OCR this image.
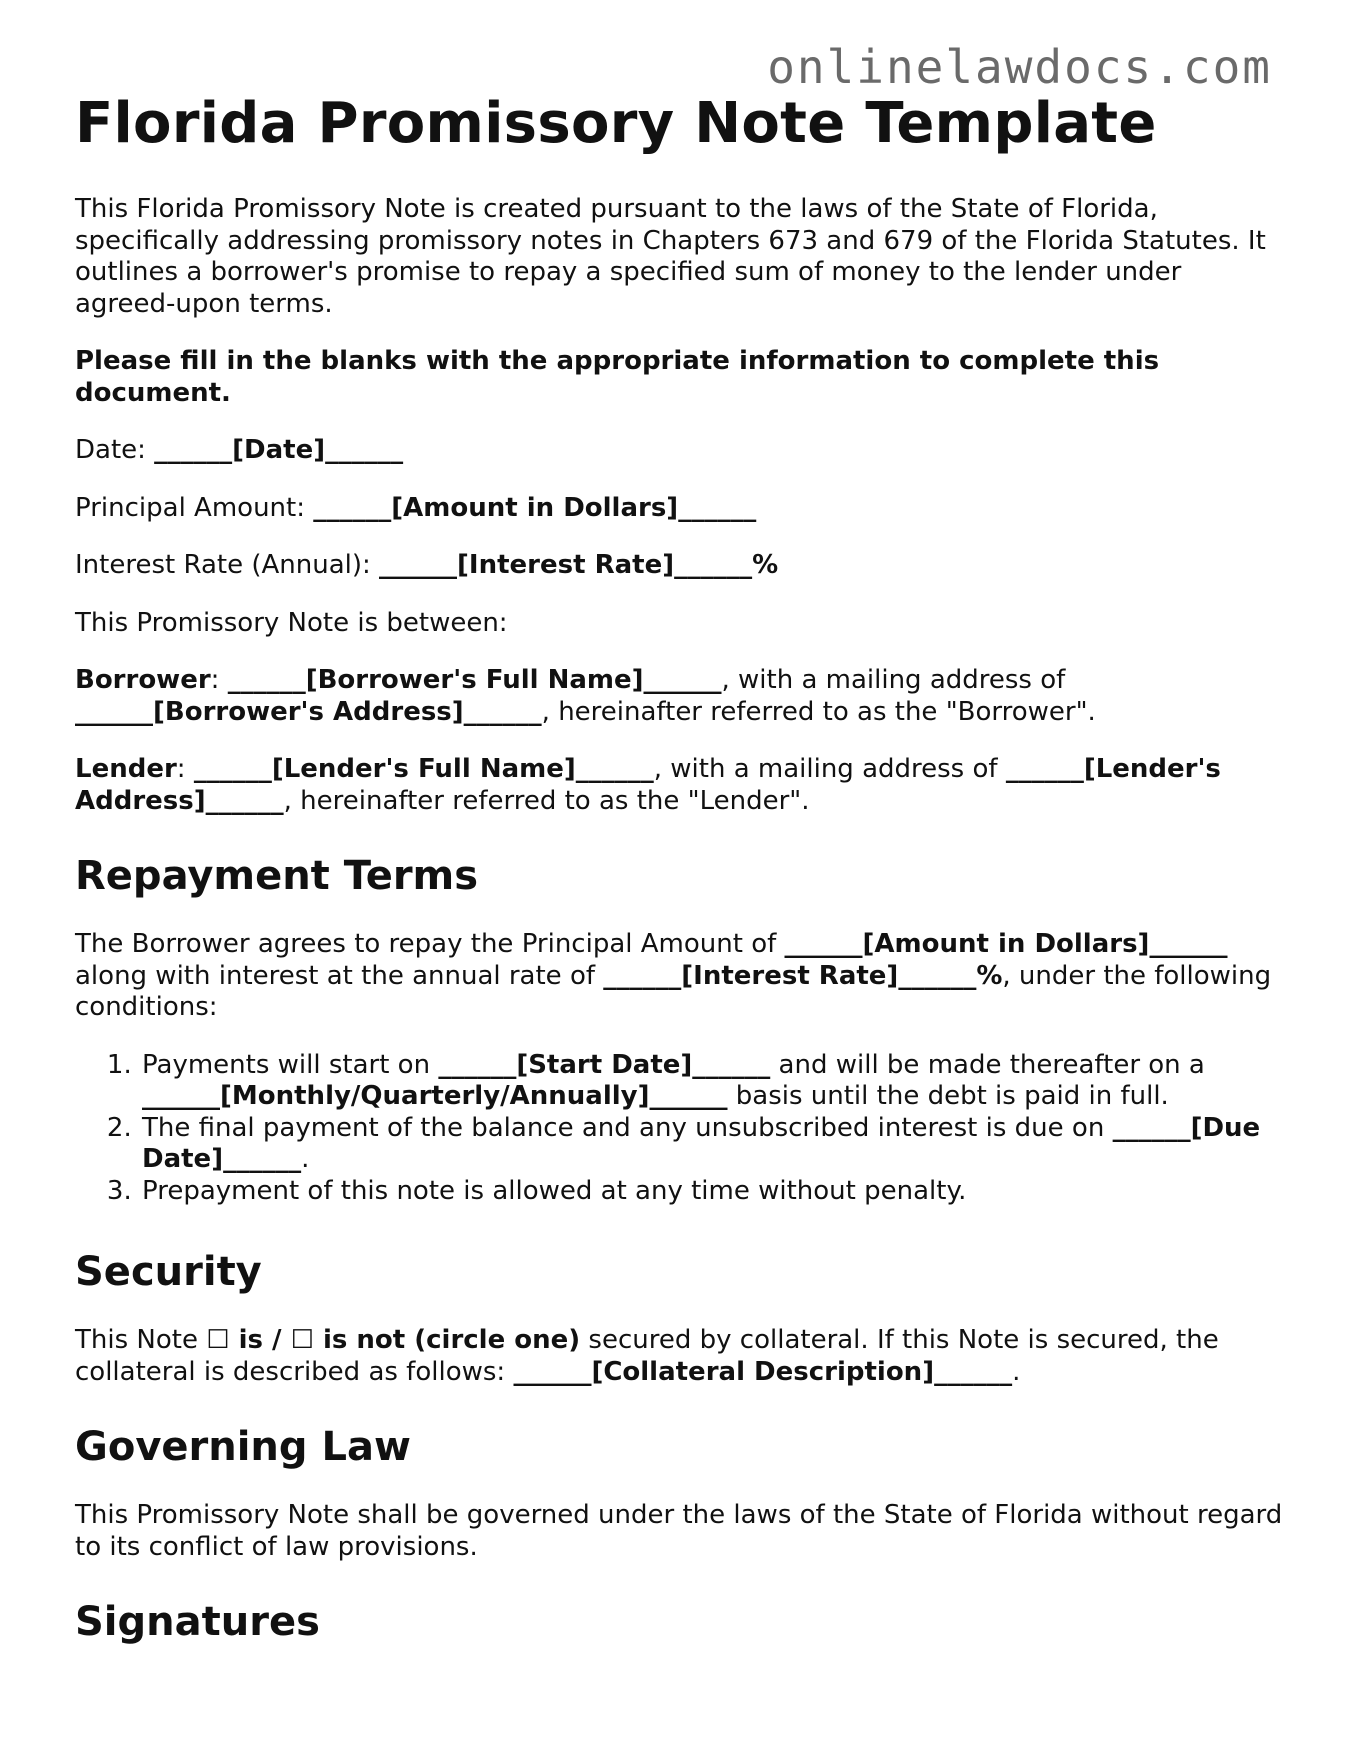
onlinelawdocs.com
Florida Promissory Note Template

This Florida Promissory Note is created pursuant to the laws of the State of Florida, specifically addressing promissory notes in Chapters 673 and 679 of the Florida Statutes. It outlines a borrower's promise to repay a specified sum of money to the lender under agreed-upon terms.

Please fill in the blanks with the appropriate information to complete this document.

Date: ______[Date]______

Principal Amount: ______[Amount in Dollars]______

Interest Rate (Annual): ______[Interest Rate]______%

This Promissory Note is between:

Borrower: ______[Borrower's Full Name]______, with a mailing address of ______[Borrower's Address]______, hereinafter referred to as the "Borrower".

Lender: ______[Lender's Full Name]______, with a mailing address of ______[Lender's Address]______, hereinafter referred to as the "Lender".

Repayment Terms

The Borrower agrees to repay the Principal Amount of ______[Amount in Dollars]______ along with interest at the annual rate of ______[Interest Rate]______%, under the following conditions:

1. Payments will start on ______[Start Date]______ and will be made thereafter on a ______[Monthly/Quarterly/Annually]______ basis until the debt is paid in full.
2. The final payment of the balance and any unsubscribed interest is due on ______[Due Date]______.
3. Prepayment of this note is allowed at any time without penalty.
Security

This Note ☐ is / ☐ is not (circle one) secured by collateral. If this Note is secured, the collateral is described as follows: ______[Collateral Description]______.

Governing Law

This Promissory Note shall be governed under the laws of the State of Florida without regard to its conflict of law provisions.

Signatures
